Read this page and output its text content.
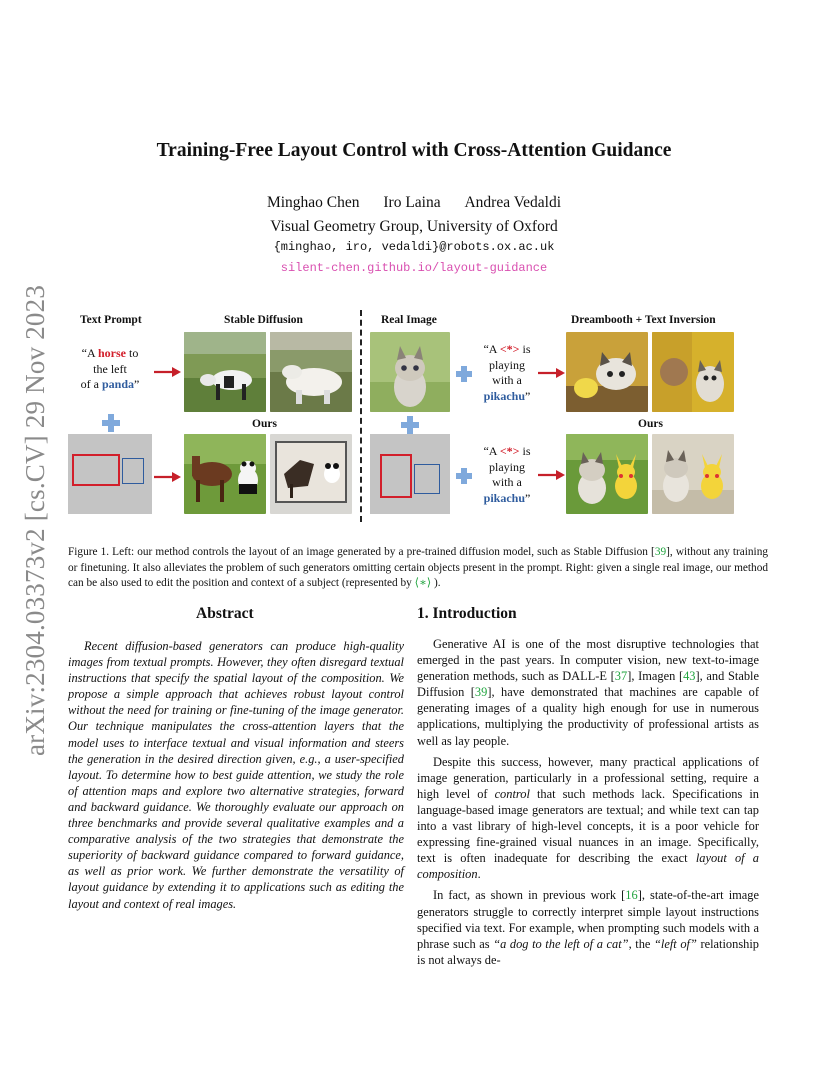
arXiv:2304.03373v2 [cs.CV] 29 Nov 2023
Training-Free Layout Control with Cross-Attention Guidance
Minghao Chen Iro Laina Andrea Vedaldi
Visual Geometry Group, University of Oxford
{minghao, iro, vedaldi}@robots.ox.ac.uk
silent-chen.github.io/layout-guidance
Text Prompt	Stable Diffusion	Real Image	Dreambooth + Text Inversion
Ours	Ours
“A horse to
the left
of a panda”
“A <*> is
playing
with a
pikachu”
“A <*> is
playing
with a
pikachu”
Figure 1. Left: our method controls the layout of an image generated by a pre-trained diffusion model, such as Stable Diffusion [39], without any training or finetuning. It also alleviates the problem of such generators omitting certain objects present in the prompt. Right: given a single real image, our method can be also used to edit the position and context of a subject (represented by ⟨∗⟩ ).
Abstract

Recent diffusion-based generators can produce high-quality images from textual prompts. However, they often disregard textual instructions that specify the spatial layout of the composition. We propose a simple approach that achieves robust layout control without the need for training or fine-tuning of the image generator. Our technique manipulates the cross-attention layers that the model uses to interface textual and visual information and steers the generation in the desired direction given, e.g., a user-specified layout. To determine how to best guide attention, we study the role of attention maps and explore two alternative strategies, forward and backward guidance. We thoroughly evaluate our approach on three benchmarks and provide several qualitative examples and a comparative analysis of the two strategies that demonstrate the superiority of backward guidance compared to forward guidance, as well as prior work. We further demonstrate the versatility of layout guidance by extending it to applications such as editing the layout and context of real images.

1. Introduction

Generative AI is one of the most disruptive technologies that emerged in the past years. In computer vision, new text-to-image generation methods, such as DALL-E [37], Imagen [43], and Stable Diffusion [39], have demonstrated that machines are capable of generating images of a quality high enough for use in numerous applications, multiplying the productivity of professional artists as well as lay people.

Despite this success, however, many practical applications of image generation, particularly in a professional setting, require a high level of control that such methods lack. Specifications in language-based image generators are textual; and while text can tap into a vast library of high-level concepts, it is a poor vehicle for expressing fine-grained visual nuances in an image. Specifically, text is often inadequate for describing the exact layout of a composition.

In fact, as shown in previous work [16], state-of-the-art image generators struggle to correctly interpret simple layout instructions specified via text. For example, when prompting such models with a phrase such as “a dog to the left of a cat”, the “left of” relationship is not always de-
